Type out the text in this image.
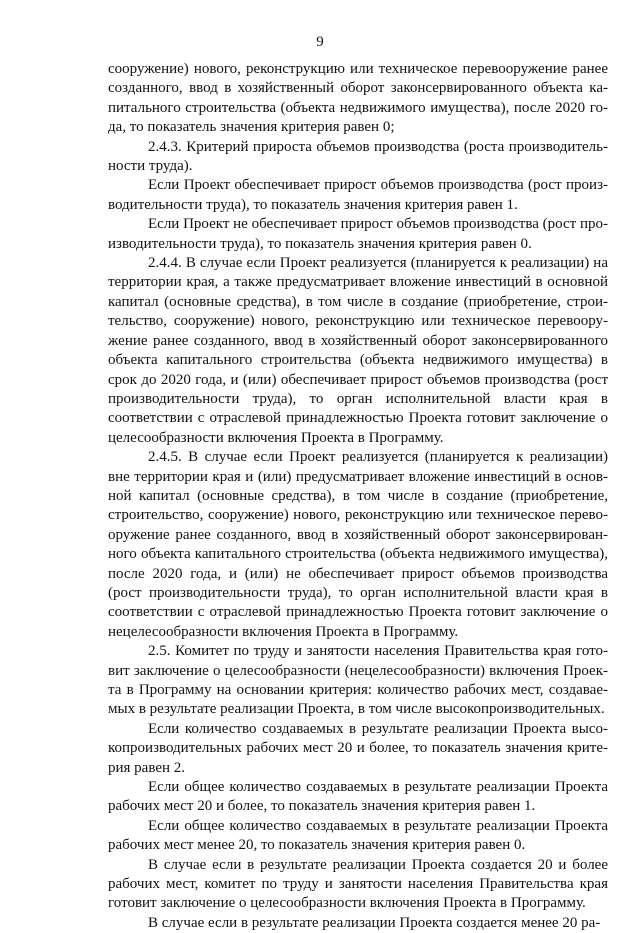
9

сооружение) нового, реконструкцию или техническое перевооружение ранее созданного, ввод в хозяйственный оборот законсервированного объекта капитального строительства (объекта недвижимого имущества), после 2020 года, то показатель значения критерия равен 0;

2.4.3. Критерий прироста объемов производства (роста производительности труда).

Если Проект обеспечивает прирост объемов производства (рост производительности труда), то показатель значения критерия равен 1.

Если Проект не обеспечивает прирост объемов производства (рост производительности труда), то показатель значения критерия равен 0.

2.4.4. В случае если Проект реализуется (планируется к реализации) на территории края, а также предусматривает вложение инвестиций в основной капитал (основные средства), в том числе в создание (приобретение, строительство, сооружение) нового, реконструкцию или техническое перевооружение ранее созданного, ввод в хозяйственный оборот законсервированного объекта капитального строительства (объекта недвижимого имущества) в срок до 2020 года, и (или) обеспечивает прирост объемов производства (рост производительности труда), то орган исполнительной власти края в соответствии с отраслевой принадлежностью Проекта готовит заключение о целесообразности включения Проекта в Программу.

2.4.5. В случае если Проект реализуется (планируется к реализации) вне территории края и (или) предусматривает вложение инвестиций в основной капитал (основные средства), в том числе в создание (приобретение, строительство, сооружение) нового, реконструкцию или техническое перевооружение ранее созданного, ввод в хозяйственный оборот законсервированного объекта капитального строительства (объекта недвижимого имущества), после 2020 года, и (или) не обеспечивает прирост объемов производства (рост производительности труда), то орган исполнительной власти края в соответствии с отраслевой принадлежностью Проекта готовит заключение о нецелесообразности включения Проекта в Программу.

2.5. Комитет по труду и занятости населения Правительства края готовит заключение о целесообразности (нецелесообразности) включения Проекта в Программу на основании критерия: количество рабочих мест, создаваемых в результате реализации Проекта, в том числе высокопроизводительных.

Если количество создаваемых в результате реализации Проекта высокопроизводительных рабочих мест 20 и более, то показатель значения критерия равен 2.

Если общее количество создаваемых в результате реализации Проекта рабочих мест 20 и более, то показатель значения критерия равен 1.

Если общее количество создаваемых в результате реализации Проекта рабочих мест менее 20, то показатель значения критерия равен 0.

В случае если в результате реализации Проекта создается 20 и более рабочих мест, комитет по труду и занятости населения Правительства края готовит заключение о целесообразности включения Проекта в Программу.

В случае если в результате реализации Проекта создается менее 20 ра-
